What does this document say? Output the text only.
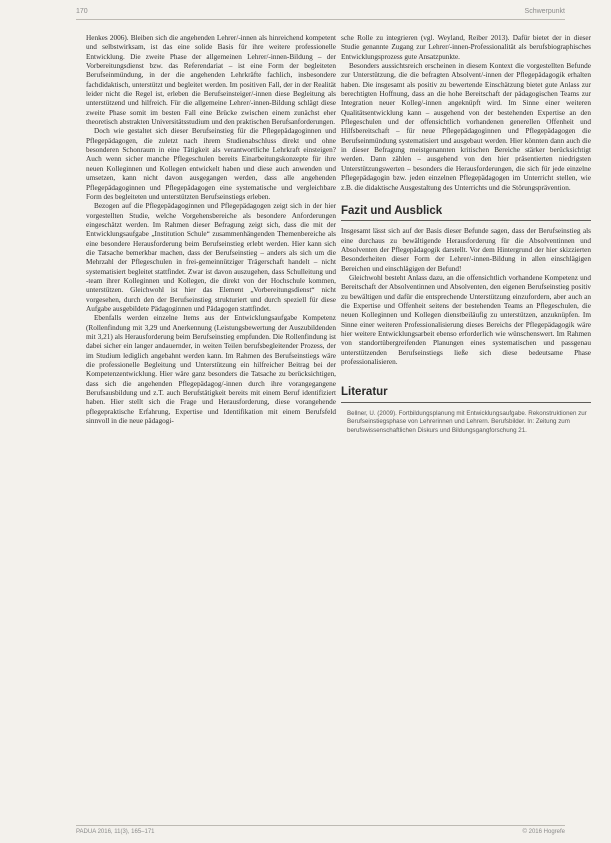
170	Schwerpunkt

Henkes 2006). Bleiben sich die angehenden Lehrer/-innen als hinreichend kompetent und selbstwirksam, ist das eine solide Basis für ihre weitere professionelle Entwicklung. Die zweite Phase der allgemeinen Lehrer/-innen-Bildung – der Vorbereitungsdienst bzw. das Referendariat – ist eine Form der begleiteten Berufseinmündung, in der die angehenden Lehrkräfte fachlich, insbesondere fachdidaktisch, unterstützt und begleitet werden. Im positiven Fall, der in der Realität leider nicht die Regel ist, erleben die Berufseinsteiger/-innen diese Begleitung als unterstützend und hilfreich. Für die allgemeine Lehrer/-innen-Bildung schlägt diese zweite Phase somit im besten Fall eine Brücke zwischen einem zunächst eher theoretisch abstrakten Universitätsstudium und den praktischen Berufsanforderungen.

Doch wie gestaltet sich dieser Berufseinstieg für die Pflegepädagoginnen und Pflegepädagogen, die zuletzt nach ihrem Studienabschluss direkt und ohne besonderen Schonraum in eine Tätigkeit als verantwortliche Lehrkraft einsteigen? Auch wenn sicher manche Pflegeschulen bereits Einarbeitungskonzepte für ihre neuen Kolleginnen und Kollegen entwickelt haben und diese auch anwenden und umsetzen, kann nicht davon ausgegangen werden, dass alle angehenden Pflegepädagoginnen und Pflegepädagogen eine systematische und vergleichbare Form des begleiteten und unterstützten Berufseinstiegs erleben.

Bezogen auf die Pflegepädagoginnen und Pflegepädagogen zeigt sich in der hier vorgestellten Studie, welche Vorgehensbereiche als besondere Anforderungen eingeschätzt werden. Im Rahmen dieser Befragung zeigt sich, dass die mit der Entwicklungsaufgabe „Institution Schule“ zusammenhängenden Themenbereiche als eine besondere Herausforderung beim Berufseinstieg erlebt werden. Hier kann sich die Tatsache bemerkbar machen, dass der Berufseinstieg – anders als sich um die Mehrzahl der Pflegeschulen in frei-gemeinnütziger Trägerschaft handelt – nicht systematisiert begleitet stattfindet. Zwar ist davon auszugehen, dass Schulleitung und -team ihrer Kolleginnen und Kollegen, die direkt von der Hochschule kommen, unterstützen. Gleichwohl ist hier das Element „Vorbereitungsdienst“ nicht vorgesehen, durch den der Berufseinstieg strukturiert und durch speziell für diese Aufgabe ausgebildete Pädagoginnen und Pädagogen stattfindet.

Ebenfalls werden einzelne Items aus der Entwicklungsaufgabe Kompetenz (Rollenfindung mit 3,29 und Anerkennung (Leistungsbewertung der Auszubildenden mit 3,21) als Herausforderung beim Berufseinstieg empfunden. Die Rollenfindung ist dabei sicher ein langer andauernder, in weiten Teilen berufsbegleitender Prozess, der im Studium lediglich angebahnt werden kann. Im Rahmen des Berufseinstiegs wäre die professionelle Begleitung und Unterstützung ein hilfreicher Beitrag bei der Kompetenzentwicklung. Hier wäre ganz besonders die Tatsache zu berücksichtigen, dass sich die angehenden Pflegepädagog/-innen durch ihre vorangegangene Berufsausbildung und z.T. auch Berufstätigkeit bereits mit einem Beruf identifiziert haben. Hier stellt sich die Frage und Herausforderung, diese vorangehende pflegepraktische Erfahrung, Expertise und Identifikation mit einem Berufsfeld sinnvoll in die neue pädagogi-

sche Rolle zu integrieren (vgl. Weyland, Reiber 2013). Dafür bietet der in dieser Studie genannte Zugang zur Lehrer/-innen-Professionalität als berufsbiographisches Entwicklungsprozess gute Ansatzpunkte.

Besonders aussichtsreich erscheinen in diesem Kontext die vorgestellten Befunde zur Unterstützung, die die befragten Absolvent/-innen der Pflegepädagogik erhalten haben. Die insgesamt als positiv zu bewertende Einschätzung bietet gute Anlass zur berechtigten Hoffnung, dass an die hohe Bereitschaft der pädagogischen Teams zur Integration neuer Kolleg/-innen angeknüpft wird. Im Sinne einer weiteren Qualitätsentwicklung kann – ausgehend von der bestehenden Expertise an den Pflegeschulen und der offensichtlich vorhandenen generellen Offenheit und Hilfsbereitschaft – für neue Pflegepädagoginnen und Pflegepädagogen die Berufseinmündung systematisiert und ausgebaut werden. Hier könnten dann auch die in dieser Befragung meistgenannten kritischen Bereiche stärker berücksichtigt werden. Dann zählen – ausgehend von den hier präsentierten niedrigsten Unterstützungswerten – besonders die Herausforderungen, die sich für jede einzelne Pflegepädagogin bzw. jeden einzelnen Pflegepädagogen im Unterricht stellen, wie z.B. die didaktische Ausgestaltung des Unterrichts und die Störungsprävention.

Fazit und Ausblick

Insgesamt lässt sich auf der Basis dieser Befunde sagen, dass der Berufseinstieg als eine durchaus zu bewältigende Herausforderung für die Absolventinnen und Absolventen der Pflegepädagogik darstellt. Vor dem Hintergrund der hier skizzierten Besonderheiten dieser Form der Lehrer/-innen-Bildung in allen einschlägigen Bereichen und einschlägigen der Befund!

Gleichwohl besteht Anlass dazu, an die offensichtlich vorhandene Kompetenz und Bereitschaft der Absolventinnen und Absolventen, den eigenen Berufseinstieg positiv zu bewältigen und dafür die entsprechende Unterstützung einzufordern, aber auch an die Expertise und Offenheit seitens der bestehenden Teams an Pflegeschulen, die neuen Kolleginnen und Kollegen dienstbeiläufig zu unterstützen, anzuknüpfen. Im Sinne einer weiteren Professionalisierung dieses Bereichs der Pflegepädagogik wäre hier weitere Entwicklungsarbeit ebenso erforderlich wie wünschenswert. Im Rahmen von standortübergreifenden Planungen eines systematischen und passgenau unterstützenden Berufseinstiegs ließe sich diese bedeutsame Phase professionalisieren.

Literatur

Bellner, U. (2009). Fortbildungsplanung mit Entwicklungsaufgabe. Rekonstruktionen zur Berufseinstiegsphase von Lehrerinnen und Lehrern. Berufsbilder. In: Zeitung zum berufswissenschaftlichen Diskurs und Bildungsgangforschung 21.

PADUA 2016, 11(3), 165–171	© 2016 Hogrefe
